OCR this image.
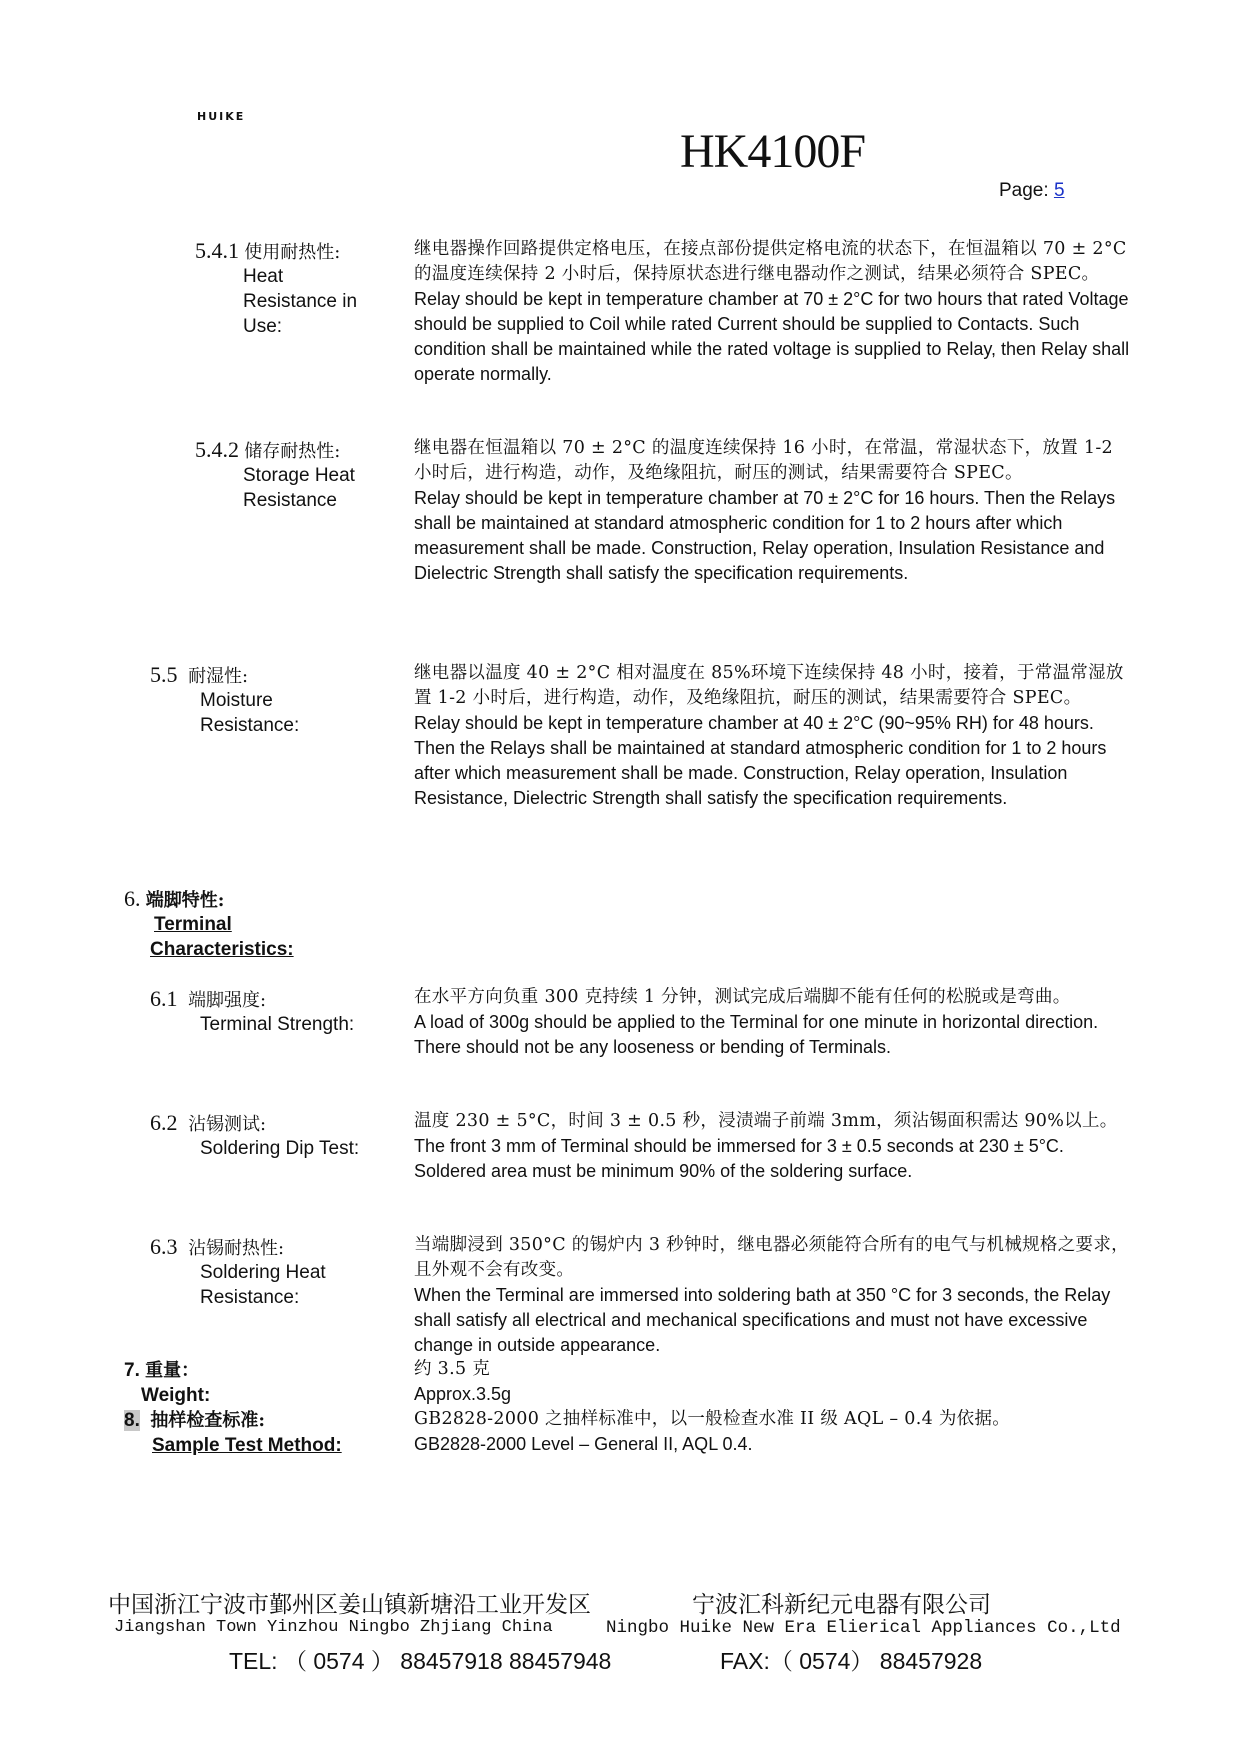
HUIKE
HK4100F
Page: 5
5.4.1 使用耐热性:
Heat
Resistance in
Use:

继电器操作回路提供定格电压，在接点部份提供定格电流的状态下，在恒温箱以 70 ± 2°C 的温度连续保持 2 小时后，保持原状态进行继电器动作之测试，结果必须符合 SPEC。

Relay should be kept in temperature chamber at 70 ± 2°C for two hours that rated Voltage should be supplied to Coil while rated Current should be supplied to Contacts. Such condition shall be maintained while the rated voltage is supplied to Relay, then Relay shall operate normally.

5.4.2 储存耐热性:
Storage Heat
Resistance

继电器在恒温箱以 70 ± 2°C 的温度连续保持 16 小时，在常温，常湿状态下，放置 1-2 小时后，进行构造，动作，及绝缘阻抗，耐压的测试，结果需要符合 SPEC。

Relay should be kept in temperature chamber at 70 ± 2°C for 16 hours. Then the Relays shall be maintained at standard atmospheric condition for 1 to 2 hours after which measurement shall be made. Construction, Relay operation, Insulation Resistance and Dielectric Strength shall satisfy the specification requirements.

5.5 耐湿性:
Moisture
Resistance:

继电器以温度 40 ± 2°C 相对温度在 85%环境下连续保持 48 小时，接着，于常温常湿放置 1-2 小时后，进行构造，动作，及绝缘阻抗，耐压的测试，结果需要符合 SPEC。

Relay should be kept in temperature chamber at 40 ± 2°C (90~95% RH) for 48 hours. Then the Relays shall be maintained at standard atmospheric condition for 1 to 2 hours after which measurement shall be made. Construction, Relay operation, Insulation Resistance, Dielectric Strength shall satisfy the specification requirements.

6. 端脚特性:
Terminal
Characteristics:
6.1 端脚强度:
Terminal Strength:

在水平方向负重 300 克持续 1 分钟，测试完成后端脚不能有任何的松脱或是弯曲。

A load of 300g should be applied to the Terminal for one minute in horizontal direction. There should not be any looseness or bending of Terminals.

6.2 沾锡测试:
Soldering Dip Test:

温度 230 ± 5°C，时间 3 ± 0.5 秒，浸渍端子前端 3mm，须沾锡面积需达 90%以上。

The front 3 mm of Terminal should be immersed for 3 ± 0.5 seconds at 230 ± 5°C. Soldered area must be minimum 90% of the soldering surface.

6.3 沾锡耐热性:
Soldering Heat
Resistance:

当端脚浸到 350°C 的锡炉内 3 秒钟时，继电器必须能符合所有的电气与机械规格之要求，且外观不会有改变。

When the Terminal are immersed into soldering bath at 350 °C for 3 seconds, the Relay shall satisfy all electrical and mechanical specifications and must not have excessive change in outside appearance.

7. 重量：
Weight:

约 3.5 克

Approx.3.5g

8. 抽样检查标准:
Sample Test Method:

GB2828-2000 之抽样标准中，以一般检查水准 II 级 AQL – 0.4 为依据。

GB2828-2000 Level – General II, AQL 0.4.

中国浙江宁波市鄞州区姜山镇新塘沿工业开发区	宁波汇科新纪元电器有限公司
Jiangshan Town Yinzhou Ningbo Zhjiang China	Ningbo Huike New Era Elierical Appliances Co.,Ltd
TEL: （ 0574 ） 88457918 88457948	FAX:（ 0574） 88457928
